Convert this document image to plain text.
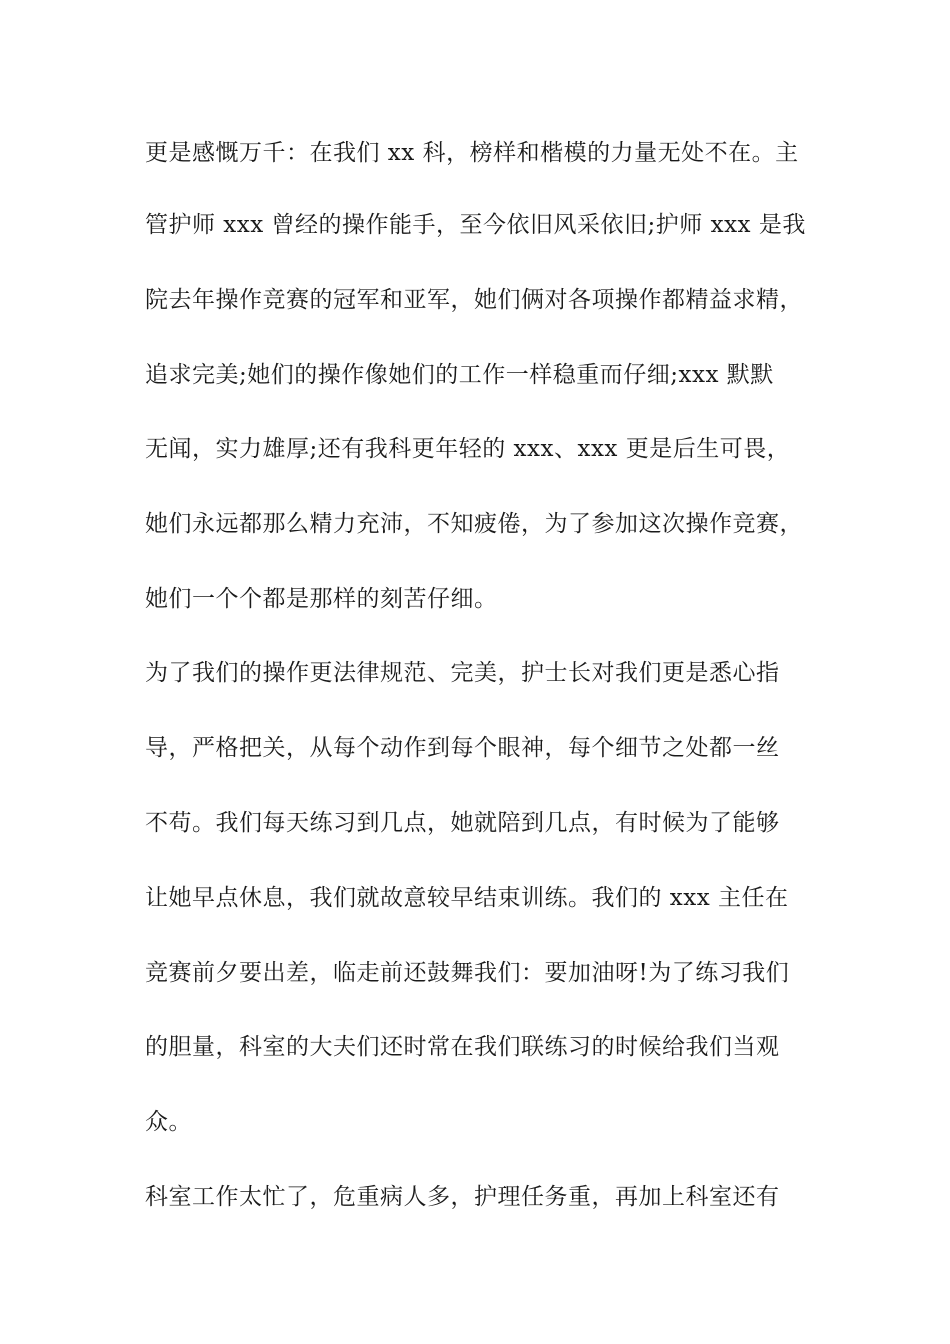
更是感慨万千：在我们 xx 科，榜样和楷模的力量无处不在。主
管护师 xxx 曾经的操作能手，至今依旧风采依旧;护师 xxx 是我
院去年操作竞赛的冠军和亚军，她们俩对各项操作都精益求精，
追求完美;她们的操作像她们的工作一样稳重而仔细;xxx 默默
无闻，实力雄厚;还有我科更年轻的 xxx、xxx 更是后生可畏，
她们永远都那么精力充沛，不知疲倦，为了参加这次操作竞赛，
她们一个个都是那样的刻苦仔细。
为了我们的操作更法律规范、完美，护士长对我们更是悉心指
导，严格把关，从每个动作到每个眼神，每个细节之处都一丝
不苟。我们每天练习到几点，她就陪到几点，有时候为了能够
让她早点休息，我们就故意较早结束训练。我们的 xxx 主任在
竞赛前夕要出差，临走前还鼓舞我们：要加油呀!为了练习我们
的胆量，科室的大夫们还时常在我们联练习的时候给我们当观
众。
科室工作太忙了，危重病人多，护理任务重，再加上科室还有
